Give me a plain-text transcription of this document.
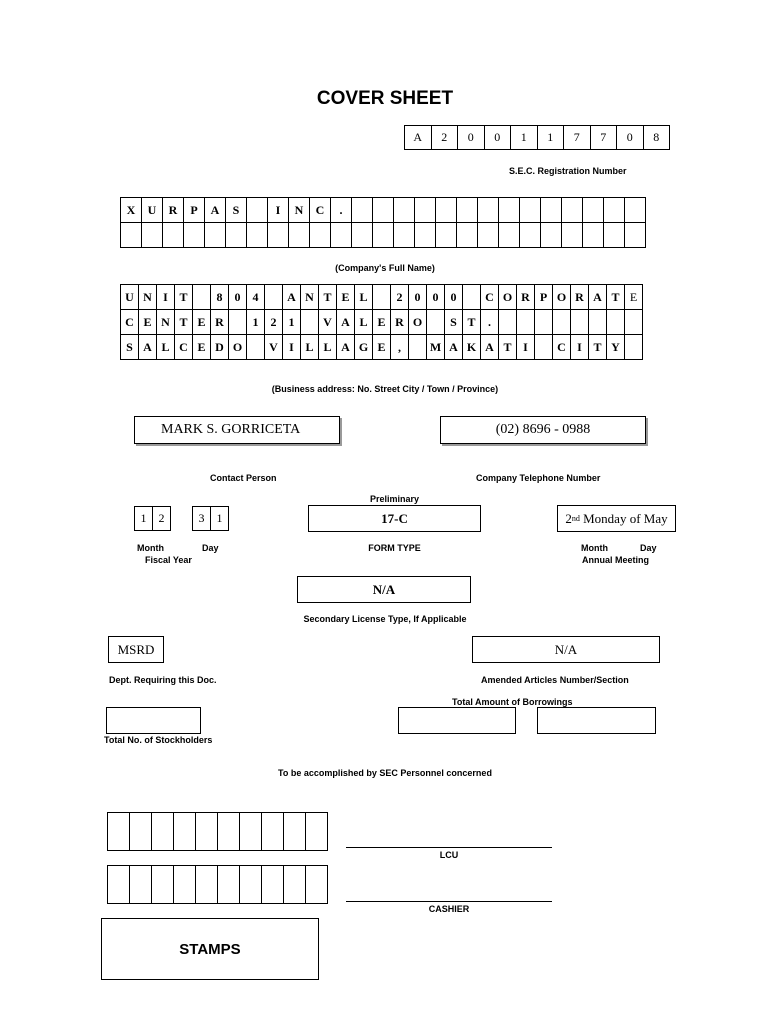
COVER SHEET
A	2	0	0	1	1	7	7	0	8
S.E.C. Registration Number
X	U	R	P	A	S		I	N	C	.														

(Company's Full Name)
U	N	I	T		8	0	4		A	N	T	E	L		2	0	0	0		C	O	R	P	O	R	A	T	E
C	E	N	T	E	R		1	2	1		V	A	L	E	R	O		S	T	.								
S	A	L	C	E	D	O		V	I	L	L	A	G	E	,		M	A	K	A	T	I		C	I	T	Y	
(Business address: No. Street City / Town / Province)
MARK S. GORRICETA	(02) 8696 - 0988
Contact Person	Company Telephone Number
1	2	3	1
Month	Day
Fiscal Year
Preliminary
17-C
FORM TYPE
2 nd Monday of May
Month	Day
Annual Meeting
N/A
Secondary License Type, If Applicable
MSRD	N/A
Dept. Requiring this Doc.	Amended Articles Number/Section
Total Amount of Borrowings
Total No. of Stockholders
To be accomplished by SEC Personnel concerned

LCU
CASHIER
STAMPS
